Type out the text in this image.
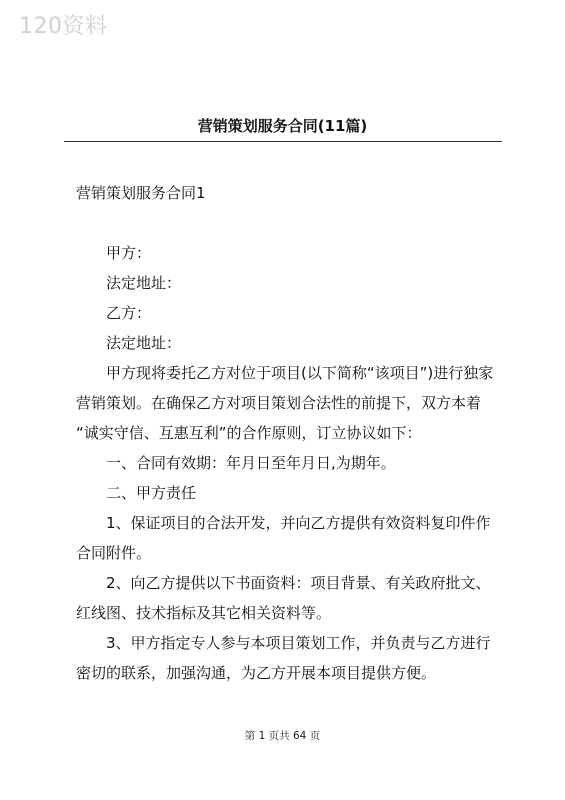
120资料
营销策划服务合同(11篇)
营销策划服务合同1
甲方：
法定地址：
乙方：
法定地址：
甲方现将委托乙方对位于项目(以下简称“该项目”)进行独家
营销策划。在确保乙方对项目策划合法性的前提下，双方本着
“诚实守信、互惠互利”的合作原则，订立协议如下：
一、合同有效期：年月日至年月日,为期年。
二、甲方责任
1、保证项目的合法开发，并向乙方提供有效资料复印件作
合同附件。
2、向乙方提供以下书面资料：项目背景、有关政府批文、
红线图、技术指标及其它相关资料等。
3、甲方指定专人参与本项目策划工作，并负责与乙方进行
密切的联系，加强沟通，为乙方开展本项目提供方便。
第 1 页共 64 页
